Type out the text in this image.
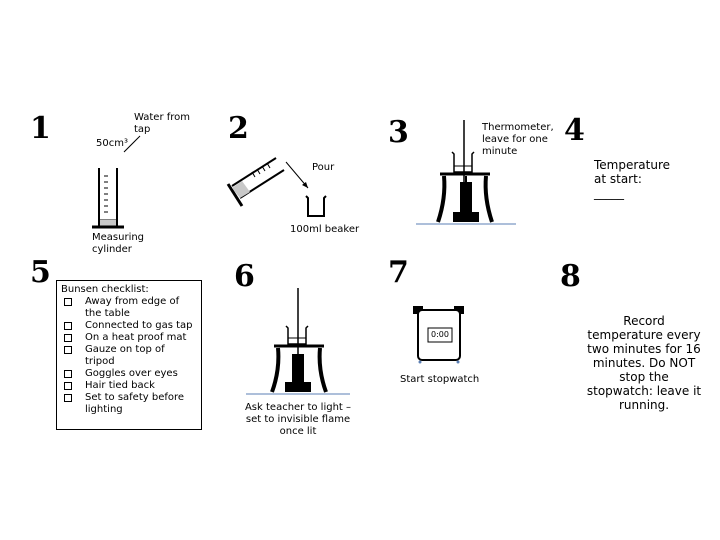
1	2	3	4
5	6	7	8
Water from tap
50cm³
Measuring cylinder
Pour
100ml beaker
Thermometer, leave for one minute
Temperature at start:
_____
Bunsen checklist:
Away from edge of the table
Connected to gas tap
On a heat proof mat
Gauze on top of tripod
Goggles over eyes
Hair tied back
Set to safety before lighting	Ask teacher to light – set to invisible flame once lit
0:00
Start stopwatch
Record temperature every two minutes for 16 minutes. Do NOT stop the stopwatch: leave it running.
